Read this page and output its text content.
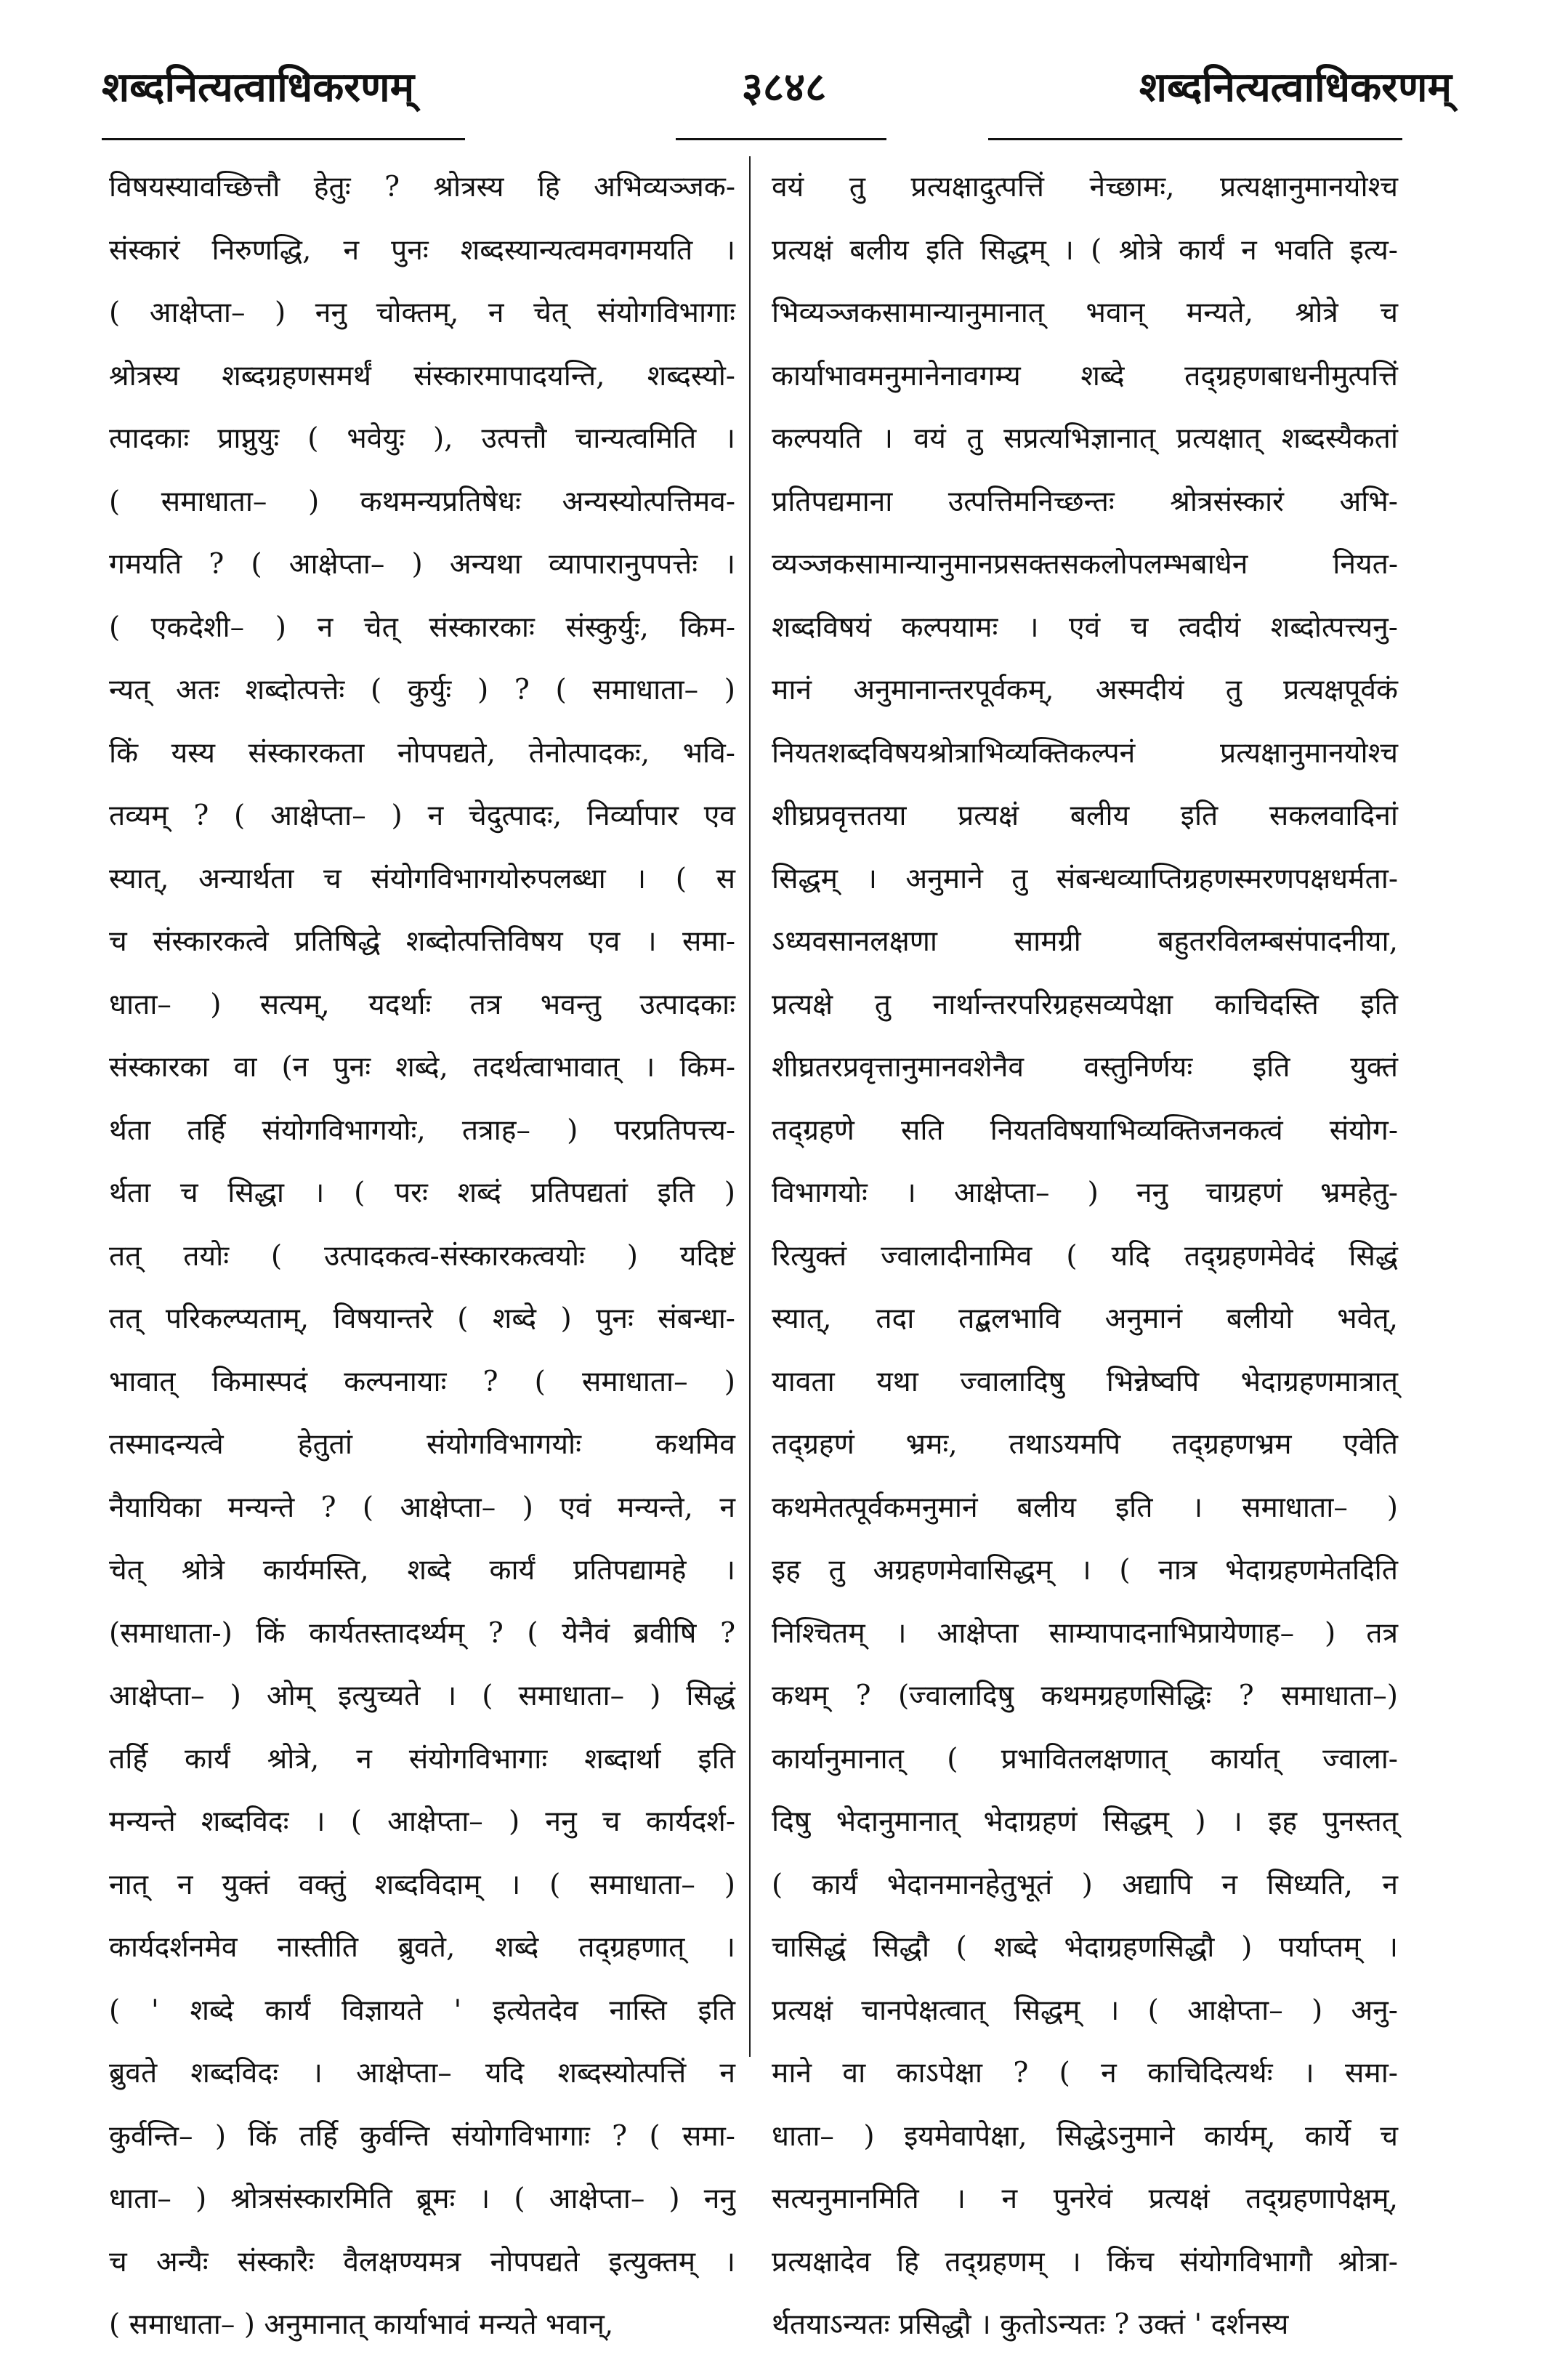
शब्दनित्यत्वाधिकरणम्	३८४८	शब्दनित्यत्वाधिकरणम्
विषयस्यावच्छित्तौ हेतुः ? श्रोत्रस्य हि अभिव्यञ्जक-
संस्कारं निरुणद्धि, न पुनः शब्दस्यान्यत्वमवगमयति ।
( आक्षेप्ता– ) ननु चोक्तम्, न चेत् संयोगविभागाः
श्रोत्रस्य शब्दग्रहणसमर्थं संस्कारमापादयन्ति, शब्दस्यो-
त्पादकाः प्राप्नुयुः ( भवेयुः ), उत्पत्तौ चान्यत्वमिति ।
( समाधाता– ) कथमन्यप्रतिषेधः अन्यस्योत्पत्तिमव-
गमयति ? ( आक्षेप्ता– ) अन्यथा व्यापारानुपपत्तेः ।
( एकदेशी– ) न चेत् संस्कारकाः संस्कुर्युः, किम-
न्यत् अतः शब्दोत्पत्तेः ( कुर्युः ) ? ( समाधाता– )
किं यस्य संस्कारकता नोपपद्यते, तेनोत्पादकः, भवि-
तव्यम् ? ( आक्षेप्ता– ) न चेदुत्पादः, निर्व्यापार एव
स्यात्, अन्यार्थता च संयोगविभागयोरुपलब्धा । ( स
च संस्कारकत्वे प्रतिषिद्धे शब्दोत्पत्तिविषय एव । समा-
धाता– ) सत्यम्, यदर्थाः तत्र भवन्तु उत्पादकाः
संस्कारका वा (न पुनः शब्दे, तदर्थत्वाभावात् । किम-
र्थता तर्हि संयोगविभागयोः, तत्राह– ) परप्रतिपत्त्य-
र्थता च सिद्धा । ( परः शब्दं प्रतिपद्यतां इति )
तत् तयोः ( उत्पादकत्व-संस्कारकत्वयोः ) यदिष्टं
तत् परिकल्प्यताम्, विषयान्तरे ( शब्दे ) पुनः संबन्धा-
भावात् किमास्पदं कल्पनायाः ? ( समाधाता– )
तस्मादन्यत्वे हेतुतां संयोगविभागयोः कथमिव
नैयायिका मन्यन्ते ? ( आक्षेप्ता– ) एवं मन्यन्ते, न
चेत् श्रोत्रे कार्यमस्ति, शब्दे कार्यं प्रतिपद्यामहे ।
(समाधाता-) किं कार्यतस्तादर्थ्यम् ? ( येनैवं ब्रवीषि ?
आक्षेप्ता– ) ओम् इत्युच्यते । ( समाधाता– ) सिद्धं
तर्हि कार्यं श्रोत्रे, न संयोगविभागाः शब्दार्था इति
मन्यन्ते शब्दविदः । ( आक्षेप्ता– ) ननु च कार्यदर्श-
नात् न युक्तं वक्तुं शब्दविदाम् । ( समाधाता– )
कार्यदर्शनमेव नास्तीति ब्रुवते, शब्दे तद्ग्रहणात् ।
( ' शब्दे कार्यं विज्ञायते ' इत्येतदेव नास्ति इति
ब्रुवते शब्दविदः । आक्षेप्ता– यदि शब्दस्योत्पत्तिं न
कुर्वन्ति– ) किं तर्हि कुर्वन्ति संयोगविभागाः ? ( समा-
धाता– ) श्रोत्रसंस्कारमिति ब्रूमः । ( आक्षेप्ता– ) ननु
च अन्यैः संस्कारैः वैलक्षण्यमत्र नोपपद्यते इत्युक्तम् ।
( समाधाता– ) अनुमानात् कार्याभावं मन्यते भवान्,
वयं तु प्रत्यक्षादुत्पत्तिं नेच्छामः, प्रत्यक्षानुमानयोश्च
प्रत्यक्षं बलीय इति सिद्धम् । ( श्रोत्रे कार्यं न भवति इत्य-
भिव्यञ्जकसामान्यानुमानात् भवान् मन्यते, श्रोत्रे च
कार्याभावमनुमानेनावगम्य शब्दे तद्ग्रहणबाधनीमुत्पत्तिं
कल्पयति । वयं तु सप्रत्यभिज्ञानात् प्रत्यक्षात् शब्दस्यैकतां
प्रतिपद्यमाना उत्पत्तिमनिच्छन्तः श्रोत्रसंस्कारं अभि-
व्यञ्जकसामान्यानुमानप्रसक्तसकलोपलम्भबाधेन नियत-
शब्दविषयं कल्पयामः । एवं च त्वदीयं शब्दोत्पत्त्यनु-
मानं अनुमानान्तरपूर्वकम्, अस्मदीयं तु प्रत्यक्षपूर्वकं
नियतशब्दविषयश्रोत्राभिव्यक्तिकल्पनं प्रत्यक्षानुमानयोश्च
शीघ्रप्रवृत्ततया प्रत्यक्षं बलीय इति सकलवादिनां
सिद्धम् । अनुमाने तु संबन्धव्याप्तिग्रहणस्मरणपक्षधर्मता-
ऽध्यवसानलक्षणा सामग्री बहुतरविलम्बसंपादनीया,
प्रत्यक्षे तु नार्थान्तरपरिग्रहसव्यपेक्षा काचिदस्ति इति
शीघ्रतरप्रवृत्तानुमानवशेनैव वस्तुनिर्णयः इति युक्तं
तद्ग्रहणे सति नियतविषयाभिव्यक्तिजनकत्वं संयोग-
विभागयोः । आक्षेप्ता– ) ननु चाग्रहणं भ्रमहेतु-
रित्युक्तं ज्वालादीनामिव ( यदि तद्ग्रहणमेवेदं सिद्धं
स्यात्, तदा तद्बलभावि अनुमानं बलीयो भवेत्,
यावता यथा ज्वालादिषु भिन्नेष्वपि भेदाग्रहणमात्रात्
तद्ग्रहणं भ्रमः, तथाऽयमपि तद्ग्रहणभ्रम एवेति
कथमेतत्पूर्वकमनुमानं बलीय इति । समाधाता– )
इह तु अग्रहणमेवासिद्धम् । ( नात्र भेदाग्रहणमेतदिति
निश्चितम् । आक्षेप्ता साम्यापादनाभिप्रायेणाह– ) तत्र
कथम् ? (ज्वालादिषु कथमग्रहणसिद्धिः ? समाधाता–)
कार्यानुमानात् ( प्रभावितलक्षणात् कार्यात् ज्वाला-
दिषु भेदानुमानात् भेदाग्रहणं सिद्धम् ) । इह पुनस्तत्
( कार्यं भेदानमानहेतुभूतं ) अद्यापि न सिध्यति, न
चासिद्धं सिद्धौ ( शब्दे भेदाग्रहणसिद्धौ ) पर्याप्तम् ।
प्रत्यक्षं चानपेक्षत्वात् सिद्धम् । ( आक्षेप्ता– ) अनु-
माने वा काऽपेक्षा ? ( न काचिदित्यर्थः । समा-
धाता– ) इयमेवापेक्षा, सिद्धेऽनुमाने कार्यम्, कार्ये च
सत्यनुमानमिति । न पुनरेवं प्रत्यक्षं तद्ग्रहणापेक्षम्,
प्रत्यक्षादेव हि तद्ग्रहणम् । किंच संयोगविभागौ श्रोत्रा-
र्थतयाऽन्यतः प्रसिद्धौ । कुतोऽन्यतः ? उक्तं ' दर्शनस्य
